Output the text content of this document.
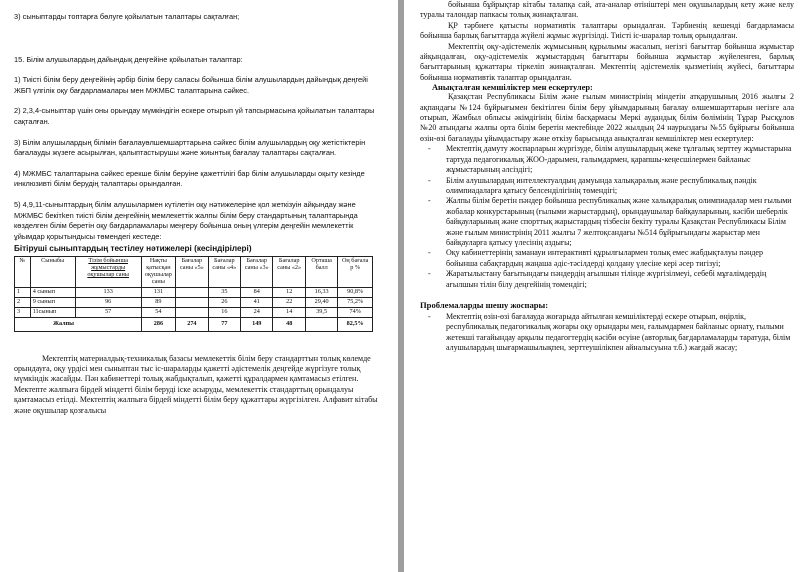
3) сыныптарды топтарға бөлуге қойылатын талаптары сақталған;

15. Білім алушылардың дайындық деңгейіне қойылатын талаптар:

1) Тиісті білім беру деңгейінің әрбір білім беру саласы бойынша білім алушылардың дайындық деңгейі ЖБП үлгілік оқу бағдарламалары мен МЖМБС талаптарына сәйкес.

2) 2,3,4-сыныптар үшін оны орындау мүмкіндігін ескере отырып үй тапсырмасына қойылатын талаптары сақталған.

3) Білім алушылардың білімін бағалауөлшемшарттарына сәйкес білім алушылардың оқу жетістіктерін бағалауды жүзеге асырылған, қалыптастырушы және жиынтық бағалау талаптары сақталған.

4) МЖМБС талаптарына сәйкес ерекше білім беруіне қажеттілігі бар білім алушыларды оқыту кезінде инклюзивті білім берудің талаптары орындалған.

5) 4,9,11-сыныптардың білім алушылармен күтілетін оқу нәтижелеріне қол жеткізуін айқындау және МЖМБС бекітken тиісті білім деңгейінің мемлекеттік жалпы білім беру стандартының талаптарында көзделген білім беретін оқу бағдарламалары меңгеру бойынша оның үлгерім деңгейін мемлекеттік ұйымдар қорытындысы төмендегі кестеде:

Бітіруші сыныптардың тестілеу нәтижелері (кесіндірілері)
№	Сыныбы	Тізім бойынша жұмыстарды оқушылар саны	Нақты қатысқан оқушылар саны	Бағалар саны «5»	Бағалар саны «4»	Бағалар саны «3»	Бағалар саны «2»	Орташа балл	Оң бағала р %
1	4 сынып	133	131		35	84	12	16,33	90,8%
2	9 сынып	96	89		26	41	22	29,40	75,2%
3	11сынып	57	54		16	24	14	39,5	74%
Жалпы			286	274	77	149	48		82,5%

Мектептің материалдық-техникалық базасы мемлекеттік білім беру стандарттын толық көлемде орындауға, оқу үрдісі мен сыныптан тыс іс-шараларды қажетті әдістемелік деңгейде жүргізуге толық мүмкіндік жасайды. Пән кабинеттері толық жабдықталып, қажетті құралдармен қамтамасыз етілген.

Мектепте жалпыға бірдей міндетті білім беруді іске асыруды, мемлекеттік стандарттың орындалуы қамтамасыз етілді. Мектептің жалпыға бірдей міндетті білім беру құжаттары жүргізілген. Алфавит кітабы және оқушылар қозғалысы

бойынша бұйрықтар кітабы талапқа сай, ата-аналар өтініштері мен оқушылардың кету және келу туралы талондар папкасы толық жинақталған.

ҚР тәрбиеге қатысты нормативтік талаптары орындалған. Тәрбиенің кешенді бағдарламасы бойынша барлық бағыттарда жүйелі жұмыс жүргізілді. Тиісті іс-шаралар толық орындалған.

Мектептің оқу-әдістемелік жұмысының құрылымы жасалып, негізгі бағыттар бойынша жұмыстар айқындалған, оқу-әдістемелік жұмыстардың бағыттары бойынша жұмыстар жүйеленген, барлық бағыттарының құжаттары тіркеліп жинақталған. Мектептің әдістемелік қызметінің жүйесі, бағыттары бойынша нормативтік талаптар орындалған.

Анықталған кемшіліктер мен ескертулер:

Қазақстан Республикасы Білім және ғылым министрінің міндетін атқарушының 2016 жылғы 2 ақпандағы №124 бұйрығымен бекітілген білім беру ұйымдарының бағалау өлшемшарттарын негізге ала отырып, Жамбыл облысы әкімдігінің білім басқармасы Меркі аудандық білім бөлімінің Тұрар Рысқұлов №20 атындағы жалпы орта білім беретін мектебінде 2022 жылдың 24 наурыздағы №55 бұйрығы бойынша өзін-өзі бағалауды ұйымдастыру және өткізу барысында анықталған кемшіліктер мен ескертулер:

- Мектептің дамуту жоспарларын жүргізуде, білім алушылардың жеке тұлғалық зерттеу жұмыстарына тартуда педагогикалық ЖОО-дарымен, ғалымдармен, қарапшы-кеңесшілермен байланыс жұмыстарының әлсіздігі;
- Білім алушылардың интеллектуалдың дамуында халықаралық және республикалық пәндік олимпиадаларға қатысу белсенділігінің төмендігі;
- Жалпы білім беретін пәндер бойынша республикалық және халықаралық олимпиадалар мен ғылыми жобалар конкурстарының (ғылыми жарыстардың), орындаушылар байқауларының, кәсіби шеберлік байқауларының және спорттық жарыстардың тізбесін бекіту туралы Қазақстан Республикасы Білім және ғылым министрінің 2011 жылғы 7 желтоқсандағы №514 бұйрығындағы жарыстар мен байқауларға қатысу үлесінің аздығы;
- Оқу кабинеттерінің заманауи интерактивті құрылғылармен толық емес жабдықталуы пәндер бойынша сабақтардың жаңаша әдіс-тәсілдерді қолдану үлесіне кері әсер тигізуі;
- Жаратылыстану бағытындағы пәндердің ағылшын тілінде жүргізілмеуі, себебі мұғалімдердің ағылшын тілін білу деңгейінің төмендігі;

Проблемаларды шешу жоспары:

- Мектептің өзін-өзі бағалауда жоғарыда айтылған кемшіліктерді ескере отырып, өңірлік, республикалық педагогикалық жоғары оқу орындары мен, ғалымдармен байланыс орнату, ғылыми жетекші тағайындау арқылы педагогтердің кәсіби өсуіне (авторлық бағдарламаларды таратуда, білім алушылардың шығармашылықпен, зерттеушілікпен айналысуына т.б.) жағдай жасау;
